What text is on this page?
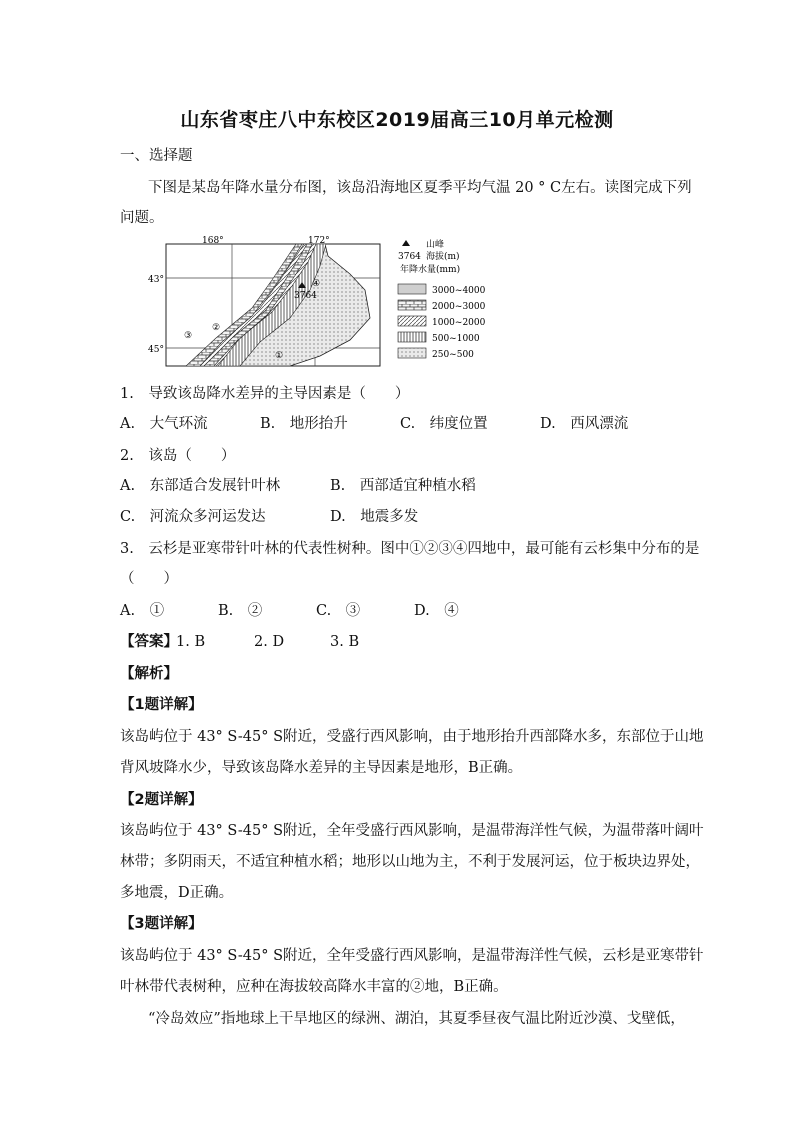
山东省枣庄八中东校区2019届高三10月单元检测
一、选择题
下图是某岛年降水量分布图，该岛沿海地区夏季平均气温 20 ° C左右。读图完成下列
问题。
①
②
③
④
3764
168°	172°
43°
45°
山峰
3764 海拔(m)
年降水量(mm)
3000~4000
2000~3000
1000~2000
500~1000
250~500
1.　导致该岛降水差异的主导因素是（　　）
A.　大气环流	B.　地形抬升	C.　纬度位置	D.　西风漂流
2.　该岛（　　）
A.　东部适合发展针叶林	B.　西部适宜种植水稻
C.　河流众多河运发达	D.　地震多发
3.　云杉是亚寒带针叶林的代表性树种。图中①②③④四地中，最可能有云杉集中分布的是
（　　）
A.　①	B.　②	C.　③	D.　④
【答案】
1. B	2. D	3. B
【解析】
【1题详解】
该岛屿位于 43° S-45° S附近，受盛行西风影响，由于地形抬升西部降水多，东部位于山地
背风坡降水少，导致该岛降水差异的主导因素是地形，B正确。
【2题详解】
该岛屿位于 43° S-45° S附近，全年受盛行西风影响，是温带海洋性气候，为温带落叶阔叶
林带；多阴雨天，不适宜种植水稻；地形以山地为主，不利于发展河运，位于板块边界处，
多地震，D正确。
【3题详解】
该岛屿位于 43° S-45° S附近，全年受盛行西风影响，是温带海洋性气候，云杉是亚寒带针
叶林带代表树种，应种在海拔较高降水丰富的②地，B正确。
“冷岛效应”指地球上干旱地区的绿洲、湖泊，其夏季昼夜气温比附近沙漠、戈壁低，
